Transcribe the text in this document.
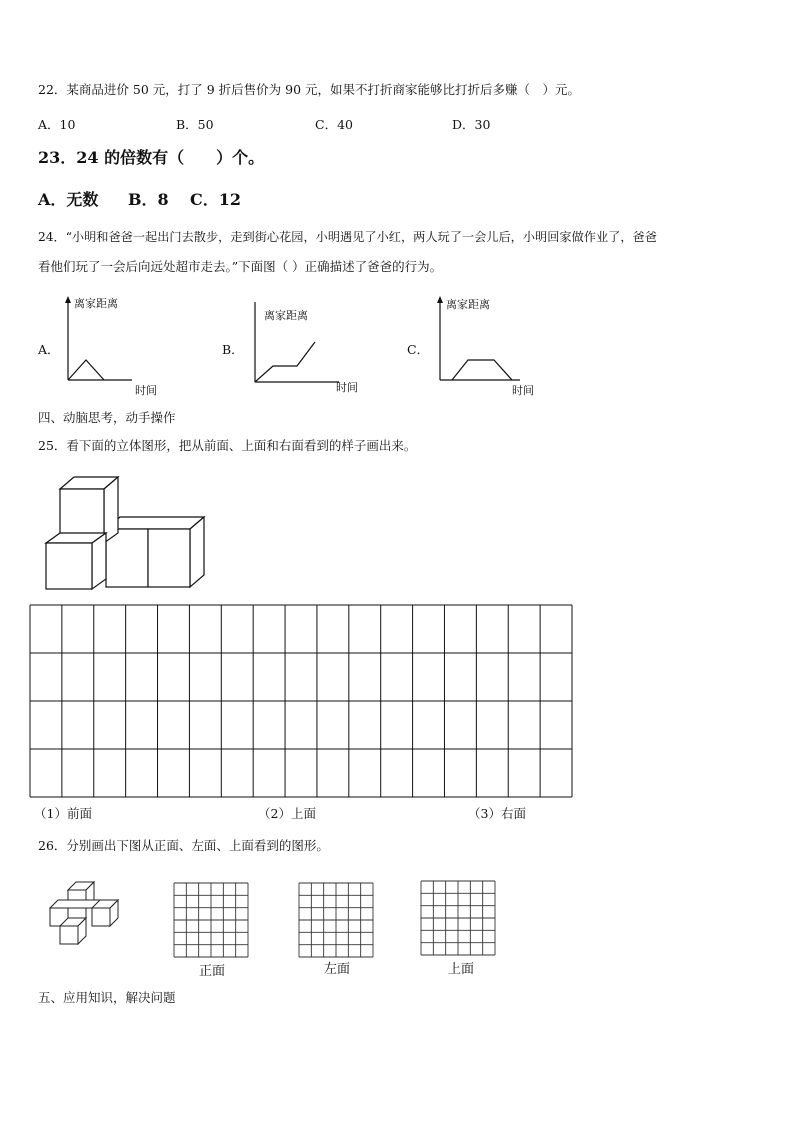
22．某商品进价 50 元，打了 9 折后售价为 90 元，如果不打折商家能够比打折后多赚（　）元。
A．10	B．50	C．40	D．30
23．24 的倍数有（　　）个。
A．无数 B．8 C．12
24．“小明和爸爸一起出门去散步，走到街心花园，小明遇见了小红，两人玩了一会儿后，小明回家做作业了，爸爸
看他们玩了一会后向远处超市走去。”下面图（ ）正确描述了爸爸的行为。
A．
离家距离
时间
B．
离家距离
时间
C．
离家距离
时间
四、动脑思考，动手操作
25．看下面的立体图形，把从前面、上面和右面看到的样子画出来。
（1）前面	（2）上面	（3）右面
26．分别画出下图从正面、左面、上面看到的图形。
正面	左面	上面
五、应用知识，解决问题
